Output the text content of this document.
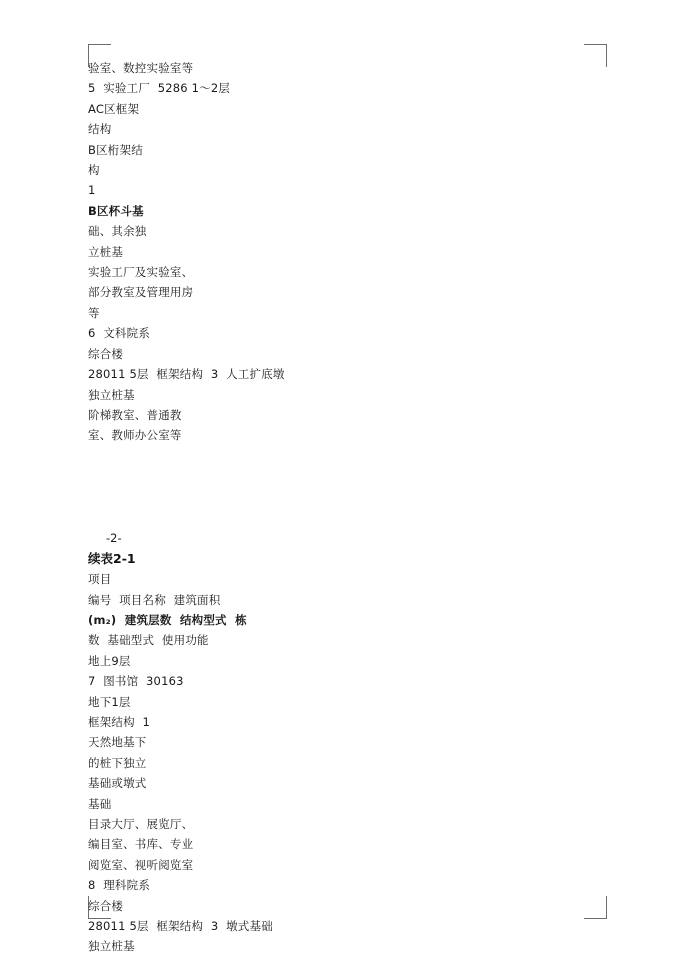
验室、数控实验室等
5  实验工厂  5286 1～2层
AC区框架
结构
B区桁架结
构
1
B区杯斗基
础、其余独
立桩基
实验工厂及实验室、
部分教室及管理用房
等
6  文科院系
综合楼
28011 5层  框架结构  3  人工扩底墩
独立桩基
阶梯教室、普通教
室、教师办公室等
-2-
续表2-1
项目
编号  项目名称  建筑面积
(m₂)  建筑层数  结构型式  栋
数  基础型式  使用功能
地上9层
7  图书馆  30163
地下1层
框架结构  1
天然地基下
的桩下独立
基础或墩式
基础
目录大厅、展览厅、
编目室、书库、专业
阅览室、视听阅览室
8  理科院系
综合楼
28011 5层  框架结构  3  墩式基础
独立桩基
